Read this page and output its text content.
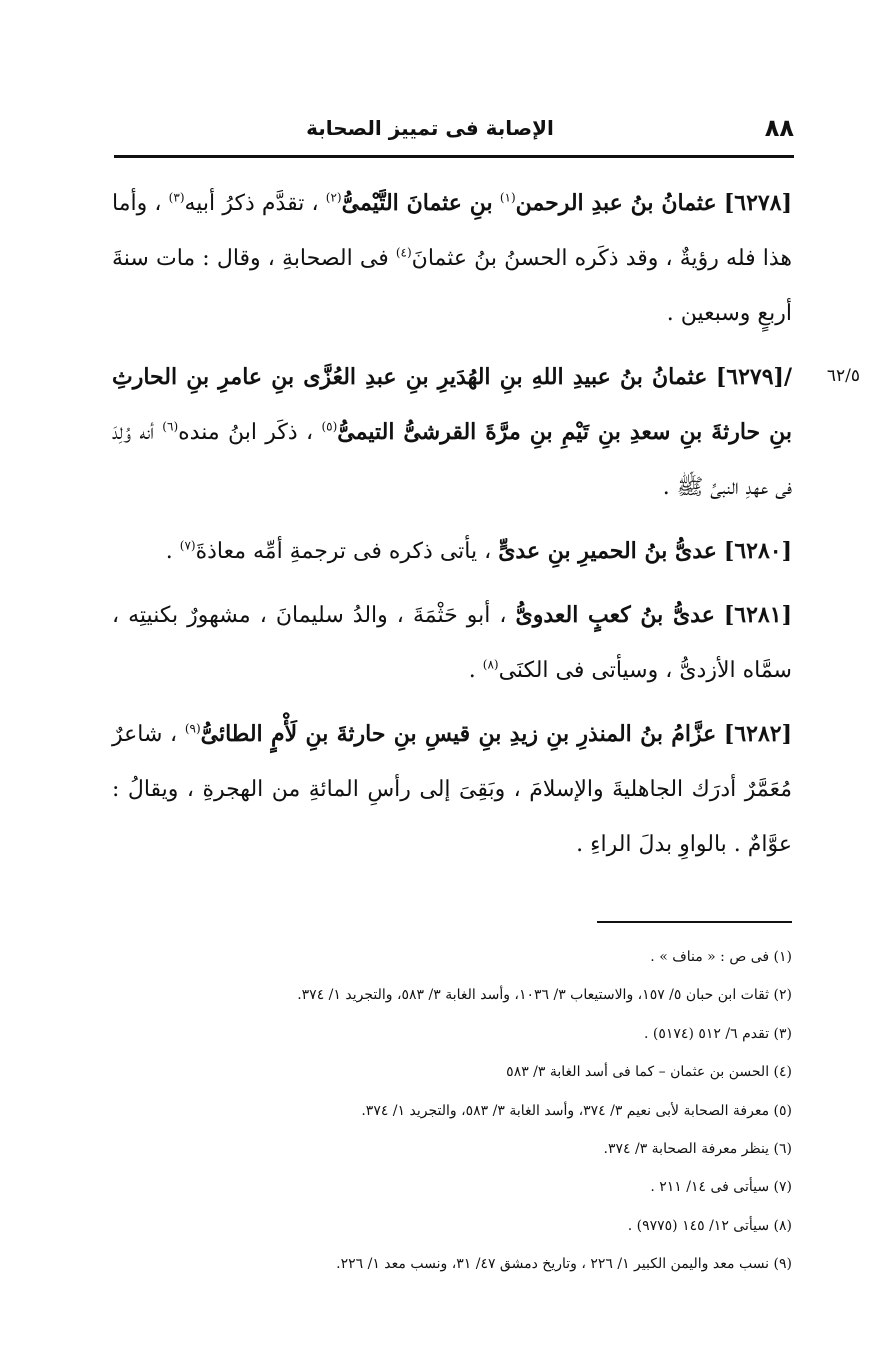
٨٨
الإصابة فى تمييز الصحابة
٦٢/٥

[٦٢٧٨] عثمانُ بنُ عبدِ الرحمن$^{(١)}$ بنِ عثمانَ التَّيْمىُّ$^{(٢)}$ ، تقدَّم ذكرُ أبيه$^{(٣)}$ ، وأما هذا فله رؤيةٌ ، وقد ذكَره الحسنُ بنُ عثمانَ$^{(٤)}$ فى الصحابةِ ، وقال : مات سنةَ أربعٍ وسبعين .

/[٦٢٧٩] عثمانُ بنُ عبيدِ اللهِ بنِ الهُدَيرِ بنِ عبدِ العُزَّى بنِ عامرِ بنِ الحارثِ بنِ حارثةَ بنِ سعدِ بنِ تَيْمِ بنِ مرَّةَ القرشىُّ التيمىُّ$^{(٥)}$ ، ذكَر ابنُ منده$^{(٦)}$ أنه وُلِدَ فى عهدِ النبىِّ ﷺ .

[٦٢٨٠] عدىُّ بنُ الحميرِ بنِ عدىٍّ ، يأتى ذكره فى ترجمةِ أمِّه معاذةَ$^{(٧)}$ .

[٦٢٨١] عدىُّ بنُ كعبٍ العدوىُّ ، أبو حَثْمَةَ ، والدُ سليمانَ ، مشهورٌ بكنيتِه ، سمَّاه الأزدىُّ ، وسيأتى فى الكنَى$^{(٨)}$ .

[٦٢٨٢] عزَّامُ بنُ المنذرِ بنِ زيدِ بنِ قيسِ بنِ حارثةَ بنِ لَأْمٍ الطائىُّ$^{(٩)}$ ، شاعرٌ مُعَمَّرٌ أدرَك الجاهليةَ والإسلامَ ، وبَقِىَ إلى رأسِ المائةِ من الهجرةِ ، ويقالُ : عوَّامٌ . بالواوِ بدلَ الراءِ .

(١) فى ص : « مناف » .
(٢) ثقات ابن حبان ٥/ ١٥٧، والاستيعاب ٣/ ١٠٣٦، وأسد الغابة ٣/ ٥٨٣، والتجريد ١/ ٣٧٤.
(٣) تقدم ٦/ ٥١٢ (٥١٧٤) .
(٤) الحسن بن عثمان – كما فى أسد الغابة ٣/ ٥٨٣
(٥) معرفة الصحابة لأبى نعيم ٣/ ٣٧٤، وأسد الغابة ٣/ ٥٨٣، والتجريد ١/ ٣٧٤.
(٦) ينظر معرفة الصحابة ٣/ ٣٧٤.
(٧) سيأتى فى ١٤/ ٢١١ .
(٨) سيأتى ١٢/ ١٤٥ (٩٧٧٥) .
(٩) نسب معد واليمن الكبير ١/ ٢٢٦ ، وتاريخ دمشق ٤٧/ ٣١، ونسب معد ١/ ٢٢٦.
